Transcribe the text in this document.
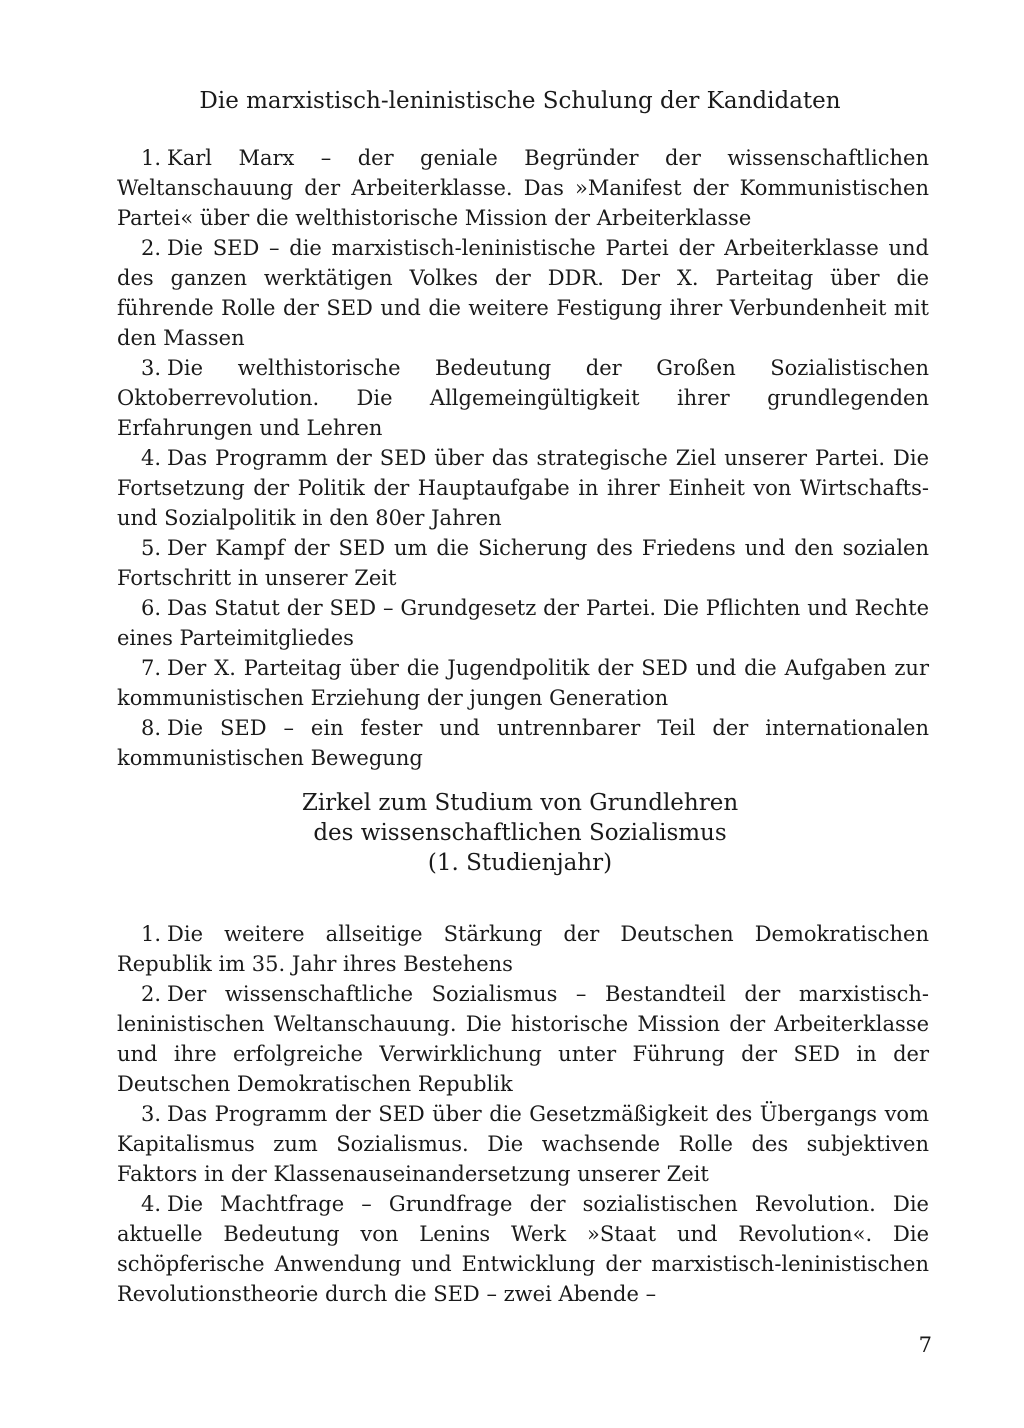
Die marxistisch-leninistische Schulung der Kandidaten
1. Karl Marx – der geniale Begründer der wissenschaftlichen Weltanschauung der Arbeiterklasse. Das »Manifest der Kommunistischen Partei« über die welthistorische Mission der Arbeiterklasse
2. Die SED – die marxistisch-leninistische Partei der Arbeiterklasse und des ganzen werktätigen Volkes der DDR. Der X. Parteitag über die führende Rolle der SED und die weitere Festigung ihrer Verbundenheit mit den Massen
3. Die welthistorische Bedeutung der Großen Sozialistischen Oktoberrevolution. Die Allgemeingültigkeit ihrer grundlegenden Erfahrungen und Lehren
4. Das Programm der SED über das strategische Ziel unserer Partei. Die Fortsetzung der Politik der Hauptaufgabe in ihrer Einheit von Wirtschafts- und Sozialpolitik in den 80er Jahren
5. Der Kampf der SED um die Sicherung des Friedens und den sozialen Fortschritt in unserer Zeit
6. Das Statut der SED – Grundgesetz der Partei. Die Pflichten und Rechte eines Parteimitgliedes
7. Der X. Parteitag über die Jugendpolitik der SED und die Aufgaben zur kommunistischen Erziehung der jungen Generation
8. Die SED – ein fester und untrennbarer Teil der internationalen kommunistischen Bewegung
Zirkel zum Studium von Grundlehren
des wissenschaftlichen Sozialismus
(1. Studienjahr)
1. Die weitere allseitige Stärkung der Deutschen Demokratischen Republik im 35. Jahr ihres Bestehens
2. Der wissenschaftliche Sozialismus – Bestandteil der marxistisch-leninistischen Weltanschauung. Die historische Mission der Arbeiterklasse und ihre erfolgreiche Verwirklichung unter Führung der SED in der Deutschen Demokratischen Republik
3. Das Programm der SED über die Gesetzmäßigkeit des Übergangs vom Kapitalismus zum Sozialismus. Die wachsende Rolle des subjektiven Faktors in der Klassenauseinandersetzung unserer Zeit
4. Die Machtfrage – Grundfrage der sozialistischen Revolution. Die aktuelle Bedeutung von Lenins Werk »Staat und Revolution«. Die schöpferische Anwendung und Entwicklung der marxistisch-leninistischen Revolutionstheorie durch die SED – zwei Abende –
7
